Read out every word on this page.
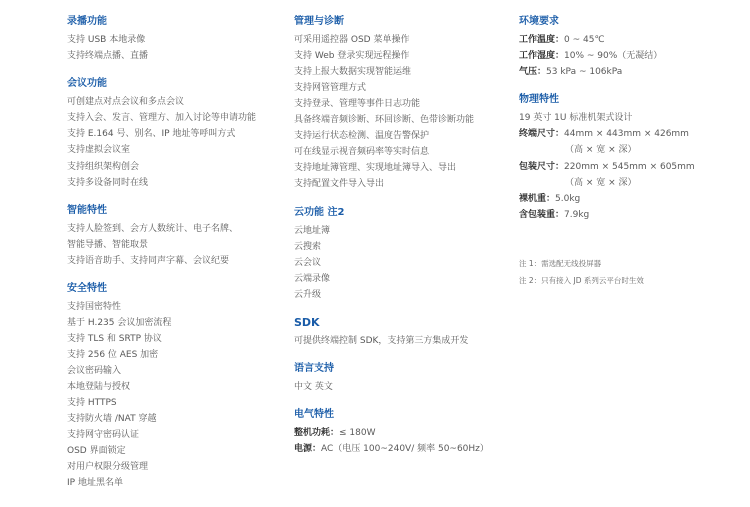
录播功能
支持 USB 本地录像
支持终端点播、直播
会议功能
可创建点对点会议和多点会议
支持入会、发言、管理方、加入讨论等申请功能
支持 E.164 号、别名、IP 地址等呼叫方式
支持虚拟会议室
支持组织架构创会
支持多设备同时在线
智能特性
支持人脸签到、会方人数统计、电子名牌、
智能导播、智能取景
支持语音助手、支持同声字幕、会议纪要
安全特性
支持国密特性
基于 H.235 会议加密流程
支持 TLS 和 SRTP 协议
支持 256 位 AES 加密
会议密码输入
本地登陆与授权
支持 HTTPS
支持防火墙 /NAT 穿越
支持网守密码认证
OSD 界面锁定
对用户权限分级管理
IP 地址黑名单
管理与诊断
可采用遥控器 OSD 菜单操作
支持 Web 登录实现远程操作
支持上报大数据实现智能运维
支持网管管理方式
支持登录、管理等事件日志功能
具备终端音频诊断、环回诊断、色带诊断功能
支持运行状态检测、温度告警保护
可在线显示视音频码率等实时信息
支持地址簿管理、实现地址簿导入、导出
支持配置文件导入导出
云功能 注2
云地址簿
云搜索
云会议
云端录像
云升级
SDK
可提供终端控制 SDK，支持第三方集成开发
语言支持
中文 英文
电气特性
整机功耗：≤ 180W
电源：AC（电压 100~240V/ 频率 50~60Hz）
环境要求
工作温度：0 ~ 45℃
工作湿度：10% ~ 90%（无凝结）
气压：53 kPa ~ 106kPa
物理特性
19 英寸 1U 标准机架式设计
终端尺寸：44mm × 443mm × 426mm
（高 × 宽 × 深）
包装尺寸：220mm × 545mm × 605mm
（高 × 宽 × 深）
裸机重：5.0kg
含包装重：7.9kg
注 1：需选配无线投屏器
注 2：只有接入 JD 系列云平台时生效
